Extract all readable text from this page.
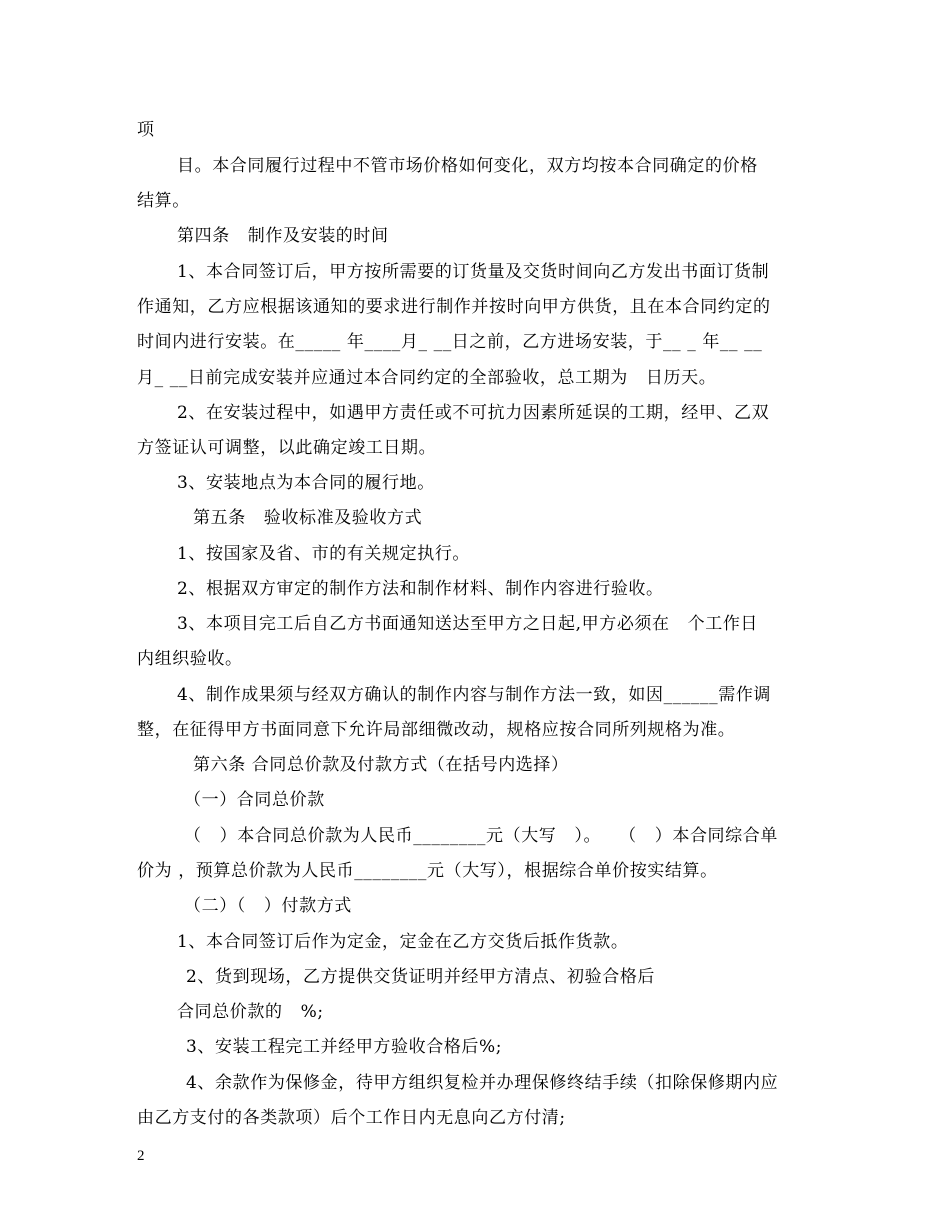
项
目。本合同履行过程中不管市场价格如何变化，双方均按本合同确定的价格
结算。
第四条   制作及安装的时间
1、本合同签订后，甲方按所需要的订货量及交货时间向乙方发出书面订货制
作通知，乙方应根据该通知的要求进行制作并按时向甲方供货，且在本合同约定的
时间内进行安装。在_____ 年____月_ __日之前，乙方进场安装，于__ _ 年__ __
月_ __日前完成安装并应通过本合同约定的全部验收，总工期为   日历天。
2、在安装过程中，如遇甲方责任或不可抗力因素所延误的工期，经甲、乙双
方签证认可调整，以此确定竣工日期。
3、安装地点为本合同的履行地。
第五条   验收标准及验收方式
1、按国家及省、市的有关规定执行。
2、根据双方审定的制作方法和制作材料、制作内容进行验收。
3、本项目完工后自乙方书面通知送达至甲方之日起,甲方必须在   个工作日
内组织验收。
4、制作成果须与经双方确认的制作内容与制作方法一致，如因______需作调
整，在征得甲方书面同意下允许局部细微改动，规格应按合同所列规格为准。
第六条 合同总价款及付款方式（在括号内选择）
（一）合同总价款
（   ）本合同总价款为人民币________元（大写   ）。   （   ）本合同综合单
价为 ，预算总价款为人民币________元（大写），根据综合单价按实结算。
（二）（   ）付款方式
1、本合同签订后作为定金，定金在乙方交货后抵作货款。
2、货到现场，乙方提供交货证明并经甲方清点、初验合格后
合同总价款的   %;
3、安装工程完工并经甲方验收合格后%;
4、余款作为保修金，待甲方组织复检并办理保修终结手续（扣除保修期内应
由乙方支付的各类款项）后个工作日内无息向乙方付清;
2
